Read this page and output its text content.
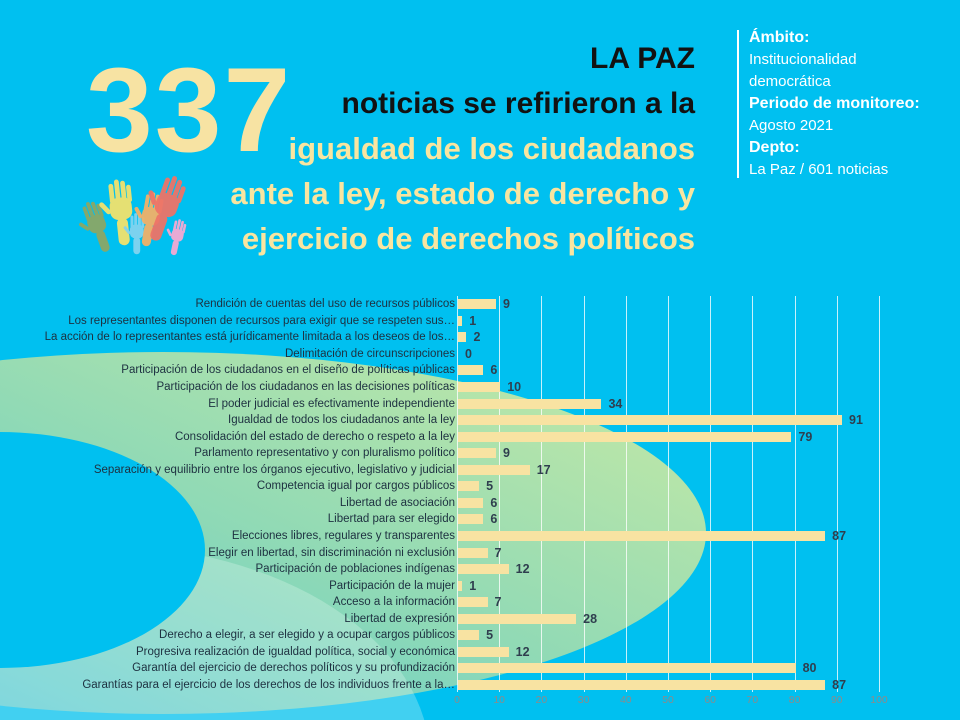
337	LA PAZ
noticias se refirieron a la
igualdad de los ciudadanos
ante la ley, estado de derecho y
ejercicio de derechos políticos
Ámbito:
Institucionalidad democrática
Periodo de monitoreo:
Agosto 2021
Depto:
La Paz / 601 noticias
0	10	20	30	40	50	60	70	80	90	100
Rendición de cuentas del uso de recursos públicos	9
Los representantes disponen de recursos para exigir que se respeten sus… 1
La acción de lo representantes está jurídicamente limitada a los deseos de los… 2
Delimitación de circunscripciones 0
Participación de los ciudadanos en el diseño de políticas públicas	6
Participación de los ciudadanos en las decisiones políticas	10
El poder judicial es efectivamente independiente	34
Igualdad de todos los ciudadanos ante la ley	91
Consolidación del estado de derecho o respeto a la ley	79
Parlamento representativo y con pluralismo político	9
Separación y equilibrio entre los órganos ejecutivo, legislativo y judicial	17
Competencia igual por cargos públicos 5
Libertad de asociación	6
Libertad para ser elegido	6
Elecciones libres, regulares y transparentes	87
Elegir en libertad, sin discriminación ni exclusión	7
Participación de poblaciones indígenas	12
Participación de la mujer 1
Acceso a la información	7
Libertad de expresión	28
Derecho a elegir, a ser elegido y a ocupar cargos públicos 5
Progresiva realización de igualdad política, social y económica	12
Garantía del ejercicio de derechos políticos y su profundización	80
Garantías para el ejercicio de los derechos de los individuos frente a la…	87
